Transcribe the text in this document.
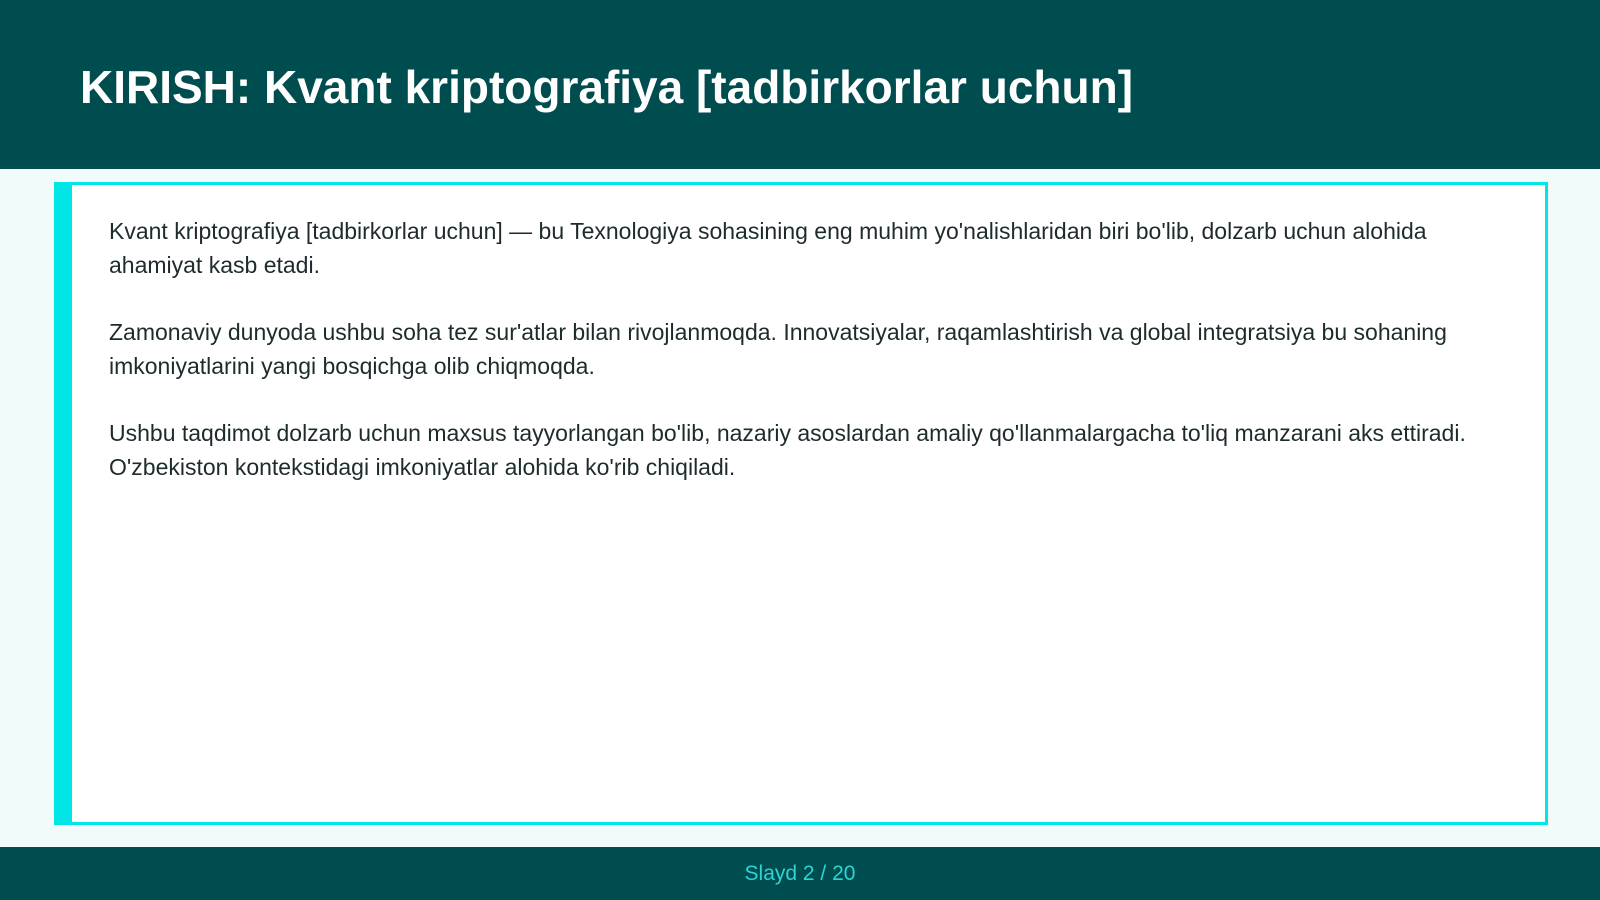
KIRISH: Kvant kriptografiya [tadbirkorlar uchun]

Kvant kriptografiya [tadbirkorlar uchun] — bu Texnologiya sohasining eng muhim yo'nalishlaridan biri bo'lib, dolzarb uchun alohida ahamiyat kasb etadi.

Zamonaviy dunyoda ushbu soha tez sur'atlar bilan rivojlanmoqda. Innovatsiyalar, raqamlashtirish va global integratsiya bu sohaning imkoniyatlarini yangi bosqichga olib chiqmoqda.

Ushbu taqdimot dolzarb uchun maxsus tayyorlangan bo'lib, nazariy asoslardan amaliy qo'llanmalargacha to'liq manzarani aks ettiradi. O'zbekiston kontekstidagi imkoniyatlar alohida ko'rib chiqiladi.

Slayd 2 / 20
